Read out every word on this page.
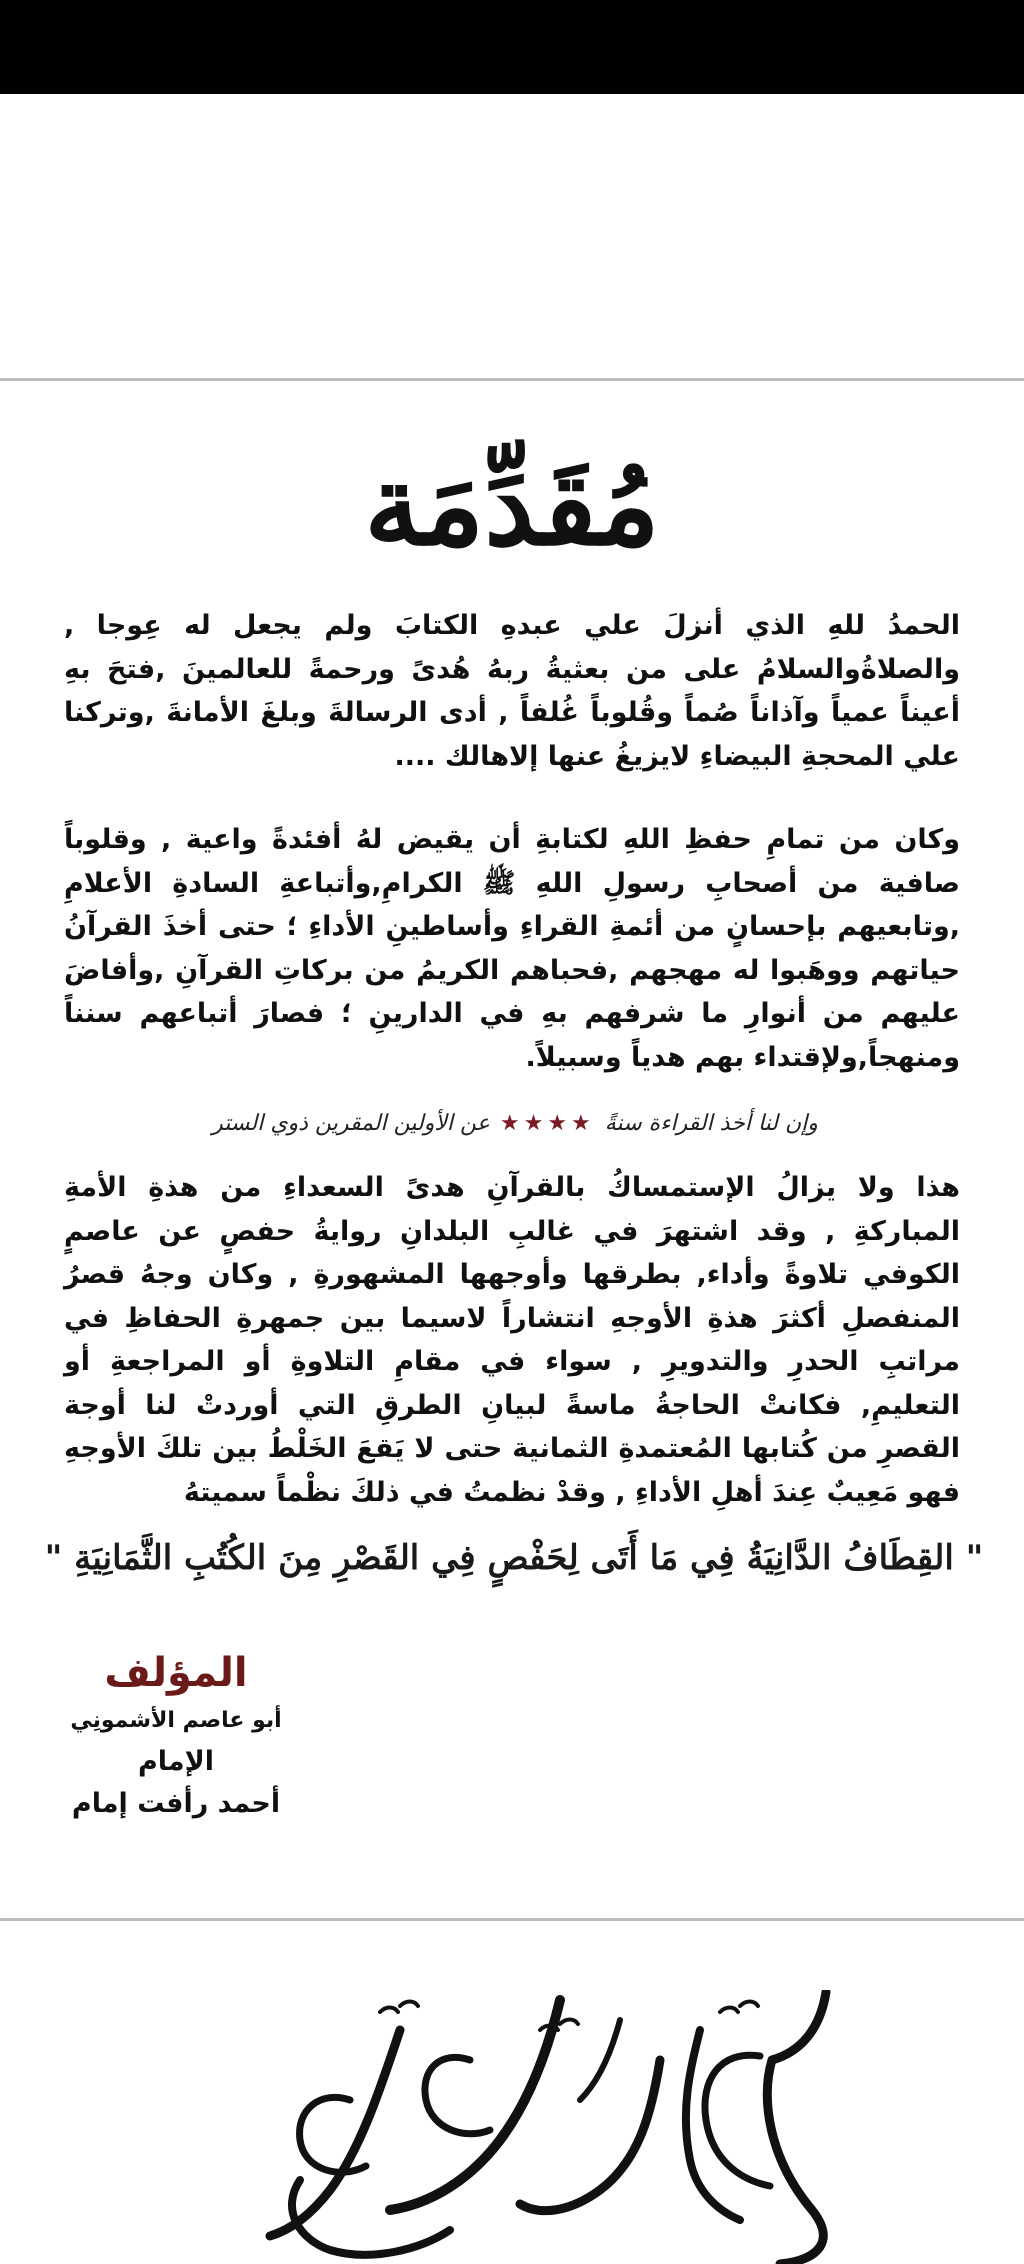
مُقَدِّمَة

الحمدُ للهِ الذي أنزلَ علي عبدهِ الكتابَ ولم يجعل له عِوجا , والصلاةُوالسلامُ على من بعثيةُ ربهُ هُدىً ورحمةً للعالمينَ ,فتحَ بهِ أعيناً عمياً وآذاناً صُماً وقُلوباً غُلفاً , أدى الرسالةَ وبلغَ الأمانةَ ,وتركنا علي المحجةِ البيضاءِ لايزيغُ عنها إلاهالك ....

وكان من تمامِ حفظِ اللهِ لكتابةِ أن يقيض لهُ أفئدةً واعية , وقلوباً صافية من أصحابِ رسولِ اللهِ ﷺ الكرامِ,وأتباعةِ السادةِ الأعلامِ ,وتابعيهم بإحسانٍ من أئمةِ القراءِ وأساطينِ الأداءِ ؛ حتى أخذَ القرآنُ حياتهم ووهَبوا له مهجهم ,فحباهم الكريمُ من بركاتِ القرآنِ ,وأفاضَ عليهم من أنوارِ ما شرفهم بهِ في الدارينِ ؛ فصارَ أتباعهم سنناً ومنهجاً,ولإقتداء بهم هدياً وسبيلاً.

وإن لنا أخذ القراءة سنةً
★★★★
عن الأولين المقرين ذوي الستر

هذا ولا يزالُ الإستمساكُ بالقرآنِ هدىً السعداءِ من هذةِ الأمةِ المباركةِ , وقد اشتهرَ في غالبِ البلدانِ روايةُ حفصٍ عن عاصمٍ الكوفي تلاوةً وأداء, بطرقها وأوجهها المشهورةِ , وكان وجهُ قصرُ المنفصلِ أكثرَ هذةِ الأوجهِ انتشاراً لاسيما بين جمهرةِ الحفاظِ في مراتبِ الحدرِ والتدويرِ , سواء في مقامِ التلاوةِ أو المراجعةِ أو التعليمِ, فكانتْ الحاجةُ ماسةً لبيانِ الطرقِ التي أوردتْ لنا أوجة القصرِ من كُتابها المُعتمدةِ الثمانية حتى لا يَقعَ الخَلْطُ بين تلكَ الأوجهِ فهو مَعِيبٌ عِندَ أهلِ الأداءِ , وقدْ نظمتُ في ذلكَ نظْماً سميتهُ

" القِطَافُ الدَّانِيَةُ فِي مَا أَتَى لِحَفْصٍ فِي القَصْرِ مِنَ الكُتُبِ الثَّمَانِيَةِ "
المؤلف
أبو عاصم الأشمونِي
الإمام
أحمد رأفت إمام
